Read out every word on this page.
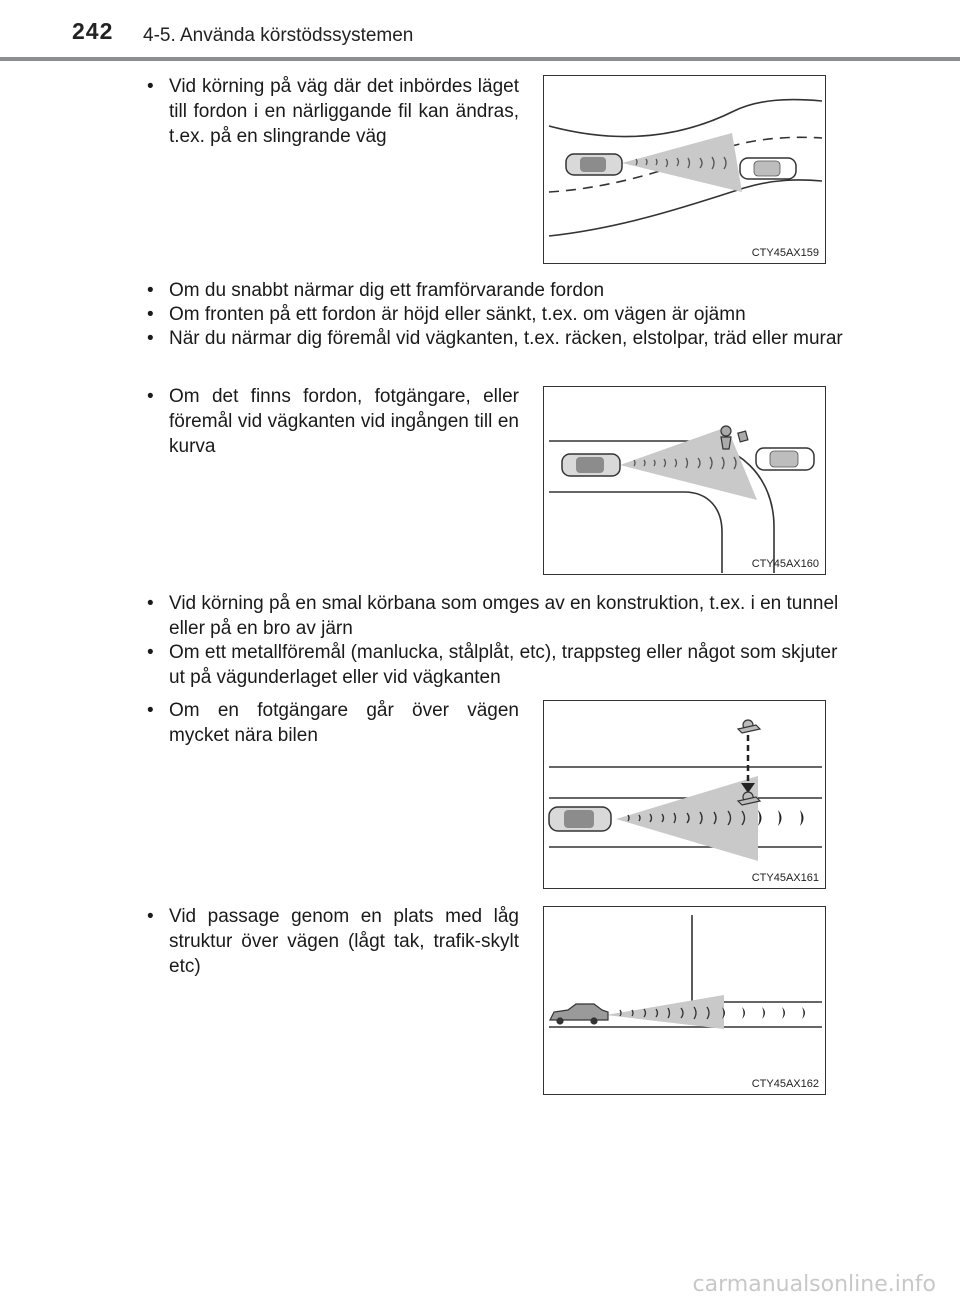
242 4-5. Använda körstödssystemen
• Vid körning på väg där det inbördes läget till fordon i en närliggande fil kan ändras, t.ex. på en slingrande väg
CTY45AX159
• Om du snabbt närmar dig ett framförvarande fordon
• Om fronten på ett fordon är höjd eller sänkt, t.ex. om vägen är ojämn
• När du närmar dig föremål vid vägkanten, t.ex. räcken, elstolpar, träd eller murar
• Om det finns fordon, fotgängare, eller föremål vid vägkanten vid ingången till en kurva
CTY45AX160
• Vid körning på en smal körbana som omges av en konstruktion, t.ex. i en tunnel eller på en bro av järn
• Om ett metallföremål (manlucka, stålplåt, etc), trappsteg eller något som skjuter ut på vägunderlaget eller vid vägkanten
• Om en fotgängare går över vägen mycket nära bilen
CTY45AX161
• Vid passage genom en plats med låg struktur över vägen (lågt tak, trafik-skylt etc)
CTY45AX162
carmanualsonline.info
